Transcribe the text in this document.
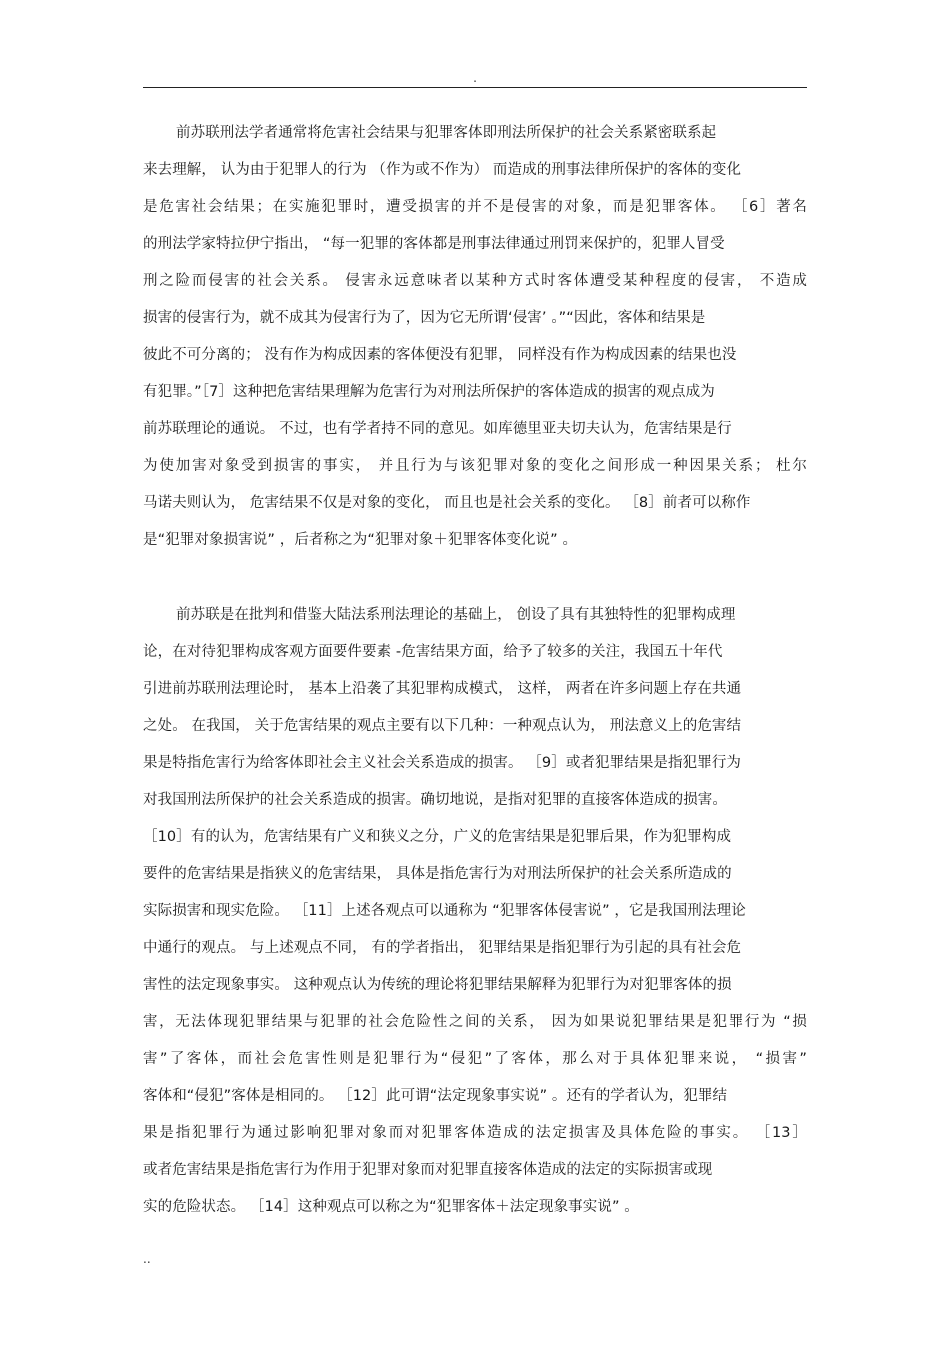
.
前苏联刑法学者通常将危害社会结果与犯罪客体即刑法所保护的社会关系紧密联系起
来去理解， 认为由于犯罪人的行为 （作为或不作为） 而造成的刑事法律所保护的客体的变化
是危害社会结果；在实施犯罪时，遭受损害的并不是侵害的对象，而是犯罪客体。 ［6］著名
的刑法学家特拉伊宁指出， “每一犯罪的客体都是刑事法律通过刑罚来保护的，犯罪人冒受
刑之险而侵害的社会关系。 侵害永远意味者以某种方式时客体遭受某种程度的侵害， 不造成
损害的侵害行为，就不成其为侵害行为了，因为它无所谓‘侵害’ 。”“因此，客体和结果是
彼此不可分离的； 没有作为构成因素的客体便没有犯罪， 同样没有作为构成因素的结果也没
有犯罪。”［7］这种把危害结果理解为危害行为对刑法所保护的客体造成的损害的观点成为
前苏联理论的通说。 不过，也有学者持不同的意见。如库德里亚夫切夫认为，危害结果是行
为使加害对象受到损害的事实， 并且行为与该犯罪对象的变化之间形成一种因果关系； 杜尔
马诺夫则认为， 危害结果不仅是对象的变化， 而且也是社会关系的变化。 ［8］前者可以称作
是“犯罪对象损害说” ，后者称之为“犯罪对象＋犯罪客体变化说” 。
前苏联是在批判和借鉴大陆法系刑法理论的基础上， 创设了具有其独特性的犯罪构成理
论，在对待犯罪构成客观方面要件要素 -危害结果方面，给予了较多的关注，我国五十年代
引进前苏联刑法理论时， 基本上沿袭了其犯罪构成模式， 这样， 两者在许多问题上存在共通
之处。 在我国， 关于危害结果的观点主要有以下几种：一种观点认为， 刑法意义上的危害结
果是特指危害行为给客体即社会主义社会关系造成的损害。 ［9］或者犯罪结果是指犯罪行为
对我国刑法所保护的社会关系造成的损害。确切地说，是指对犯罪的直接客体造成的损害。
［10］有的认为，危害结果有广义和狭义之分，广义的危害结果是犯罪后果，作为犯罪构成
要件的危害结果是指狭义的危害结果， 具体是指危害行为对刑法所保护的社会关系所造成的
实际损害和现实危险。 ［11］上述各观点可以通称为 “犯罪客体侵害说” ，它是我国刑法理论
中通行的观点。 与上述观点不同， 有的学者指出， 犯罪结果是指犯罪行为引起的具有社会危
害性的法定现象事实。 这种观点认为传统的理论将犯罪结果解释为犯罪行为对犯罪客体的损
害，无法体现犯罪结果与犯罪的社会危险性之间的关系， 因为如果说犯罪结果是犯罪行为 “损
害”了客体，而社会危害性则是犯罪行为“侵犯”了客体，那么对于具体犯罪来说， “损害”
客体和“侵犯”客体是相同的。 ［12］此可谓“法定现象事实说” 。还有的学者认为，犯罪结
果是指犯罪行为通过影响犯罪对象而对犯罪客体造成的法定损害及具体危险的事实。 ［13］
或者危害结果是指危害行为作用于犯罪对象而对犯罪直接客体造成的法定的实际损害或现
实的危险状态。 ［14］这种观点可以称之为“犯罪客体＋法定现象事实说” 。
..
